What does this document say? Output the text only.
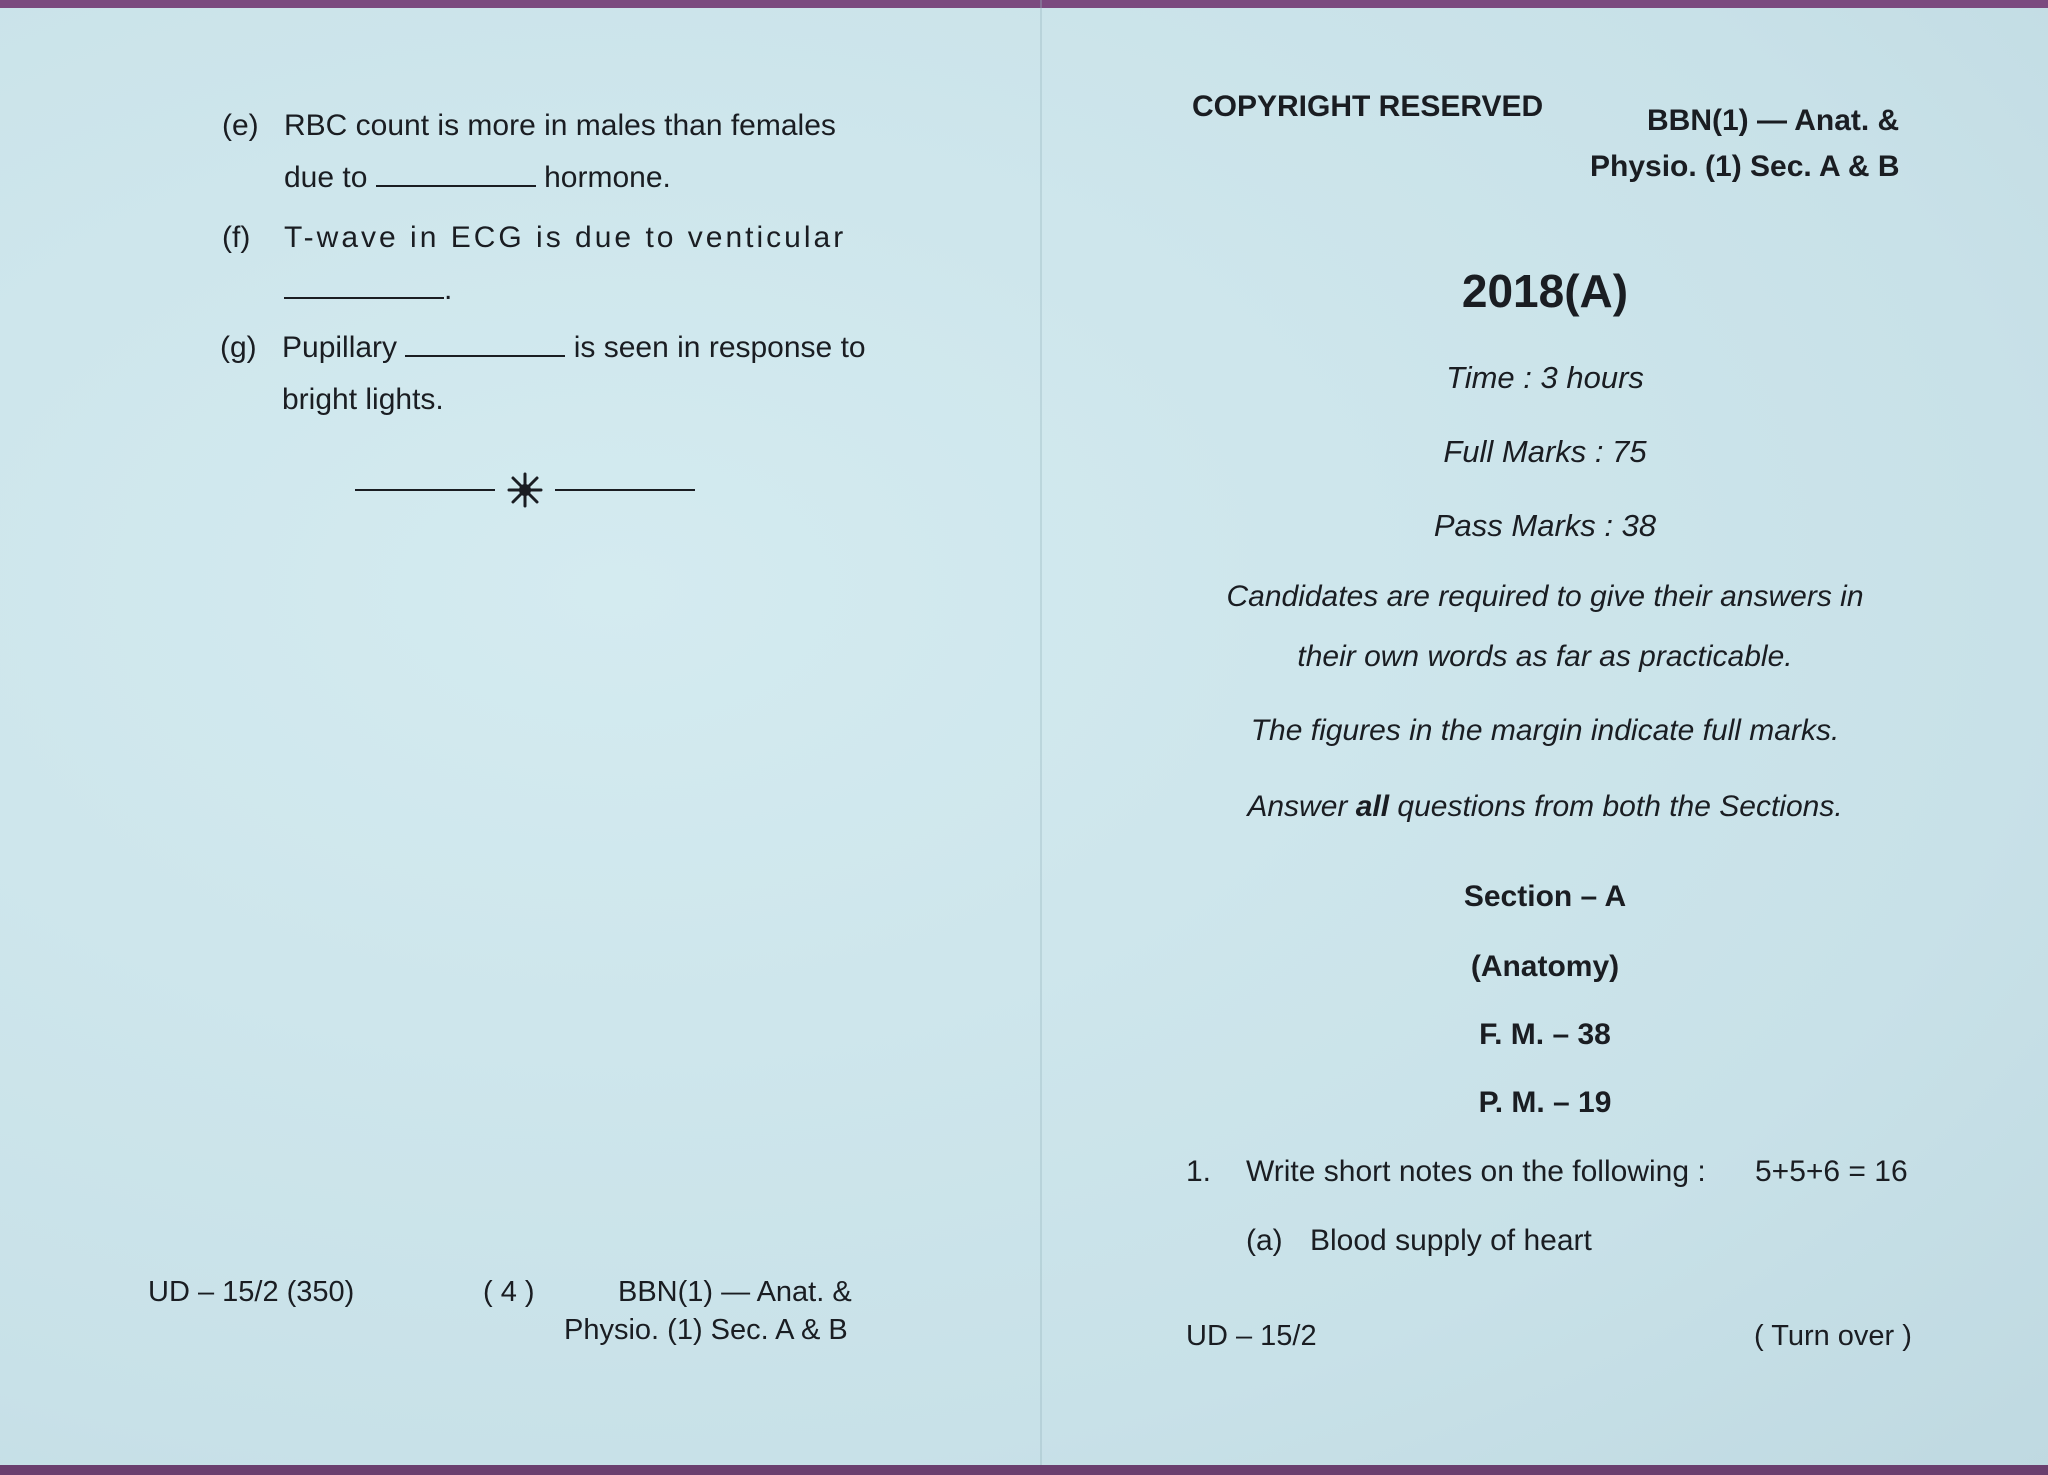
(e) RBC count is more in males than females
due to	hormone.
(f) T-wave in ECG is due to venticular
.
(g) Pupillary	is seen in response to
bright lights.
UD – 15/2 (350)	( 4 )	BBN(1) — Anat. &
Physio. (1) Sec. A & B
COPYRIGHT RESERVED	BBN(1) — Anat. &
Physio. (1) Sec. A & B
2018(A)
Time : 3 hours
Full Marks : 75
Pass Marks : 38
Candidates are required to give their answers in
their own words as far as practicable.
The figures in the margin indicate full marks.
Answer all questions from both the Sections.
Section – A
(Anatomy)
F. M. – 38
P. M. – 19
1. Write short notes on the following : 5+5+6 = 16
(a) Blood supply of heart
UD – 15/2	( Turn over )
